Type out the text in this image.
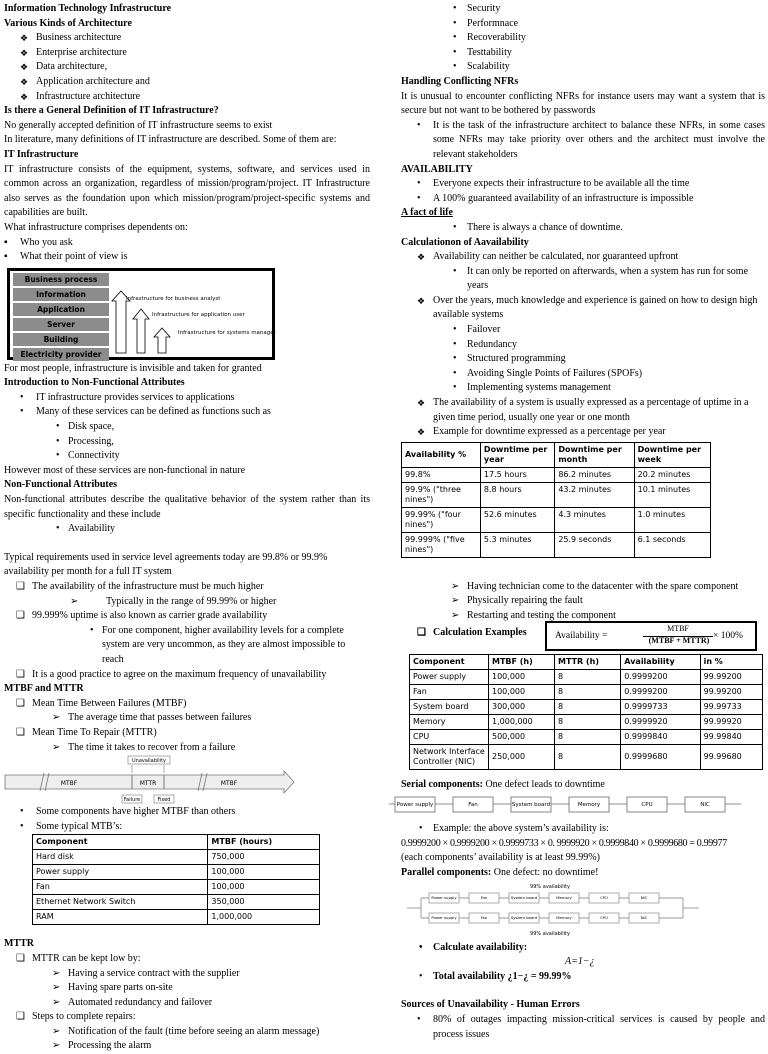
Information Technology Infrastructure
Various Kinds of Architecture
❖ Business architecture
❖ Enterprise architecture
❖ Data architecture,
❖ Application architecture and
❖ Infrastructure architecture
Is there a General Definition of IT Infrastructure?
No generally accepted definition of IT infrastructure seems to exist
In literature, many definitions of IT infrastructure are described. Some of them are:
IT Infrastructure
IT infrastructure consists of the equipment, systems, software, and services used in common across an organization, regardless of mission/program/project. IT Infrastructure also serves as the foundation upon which mission/program/project-specific systems and capabilities are built.
What infrastructure comprises dependents on:
▪ Who you ask
▪ What their point of view is
Business process
Information
Application
Server
Building
Electricity provider
Infrastructure for business analyst
Infrastructure for application user
Infrastructure for systems manager
For most people, infrastructure is invisible and taken for granted
Introduction to Non-Functional Attributes
• IT infrastructure provides services to applications
• Many of these services can be defined as functions such as
• Disk space,
• Processing,
• Connectivity
However most of these services are non-functional in nature
Non-Functional Attributes
Non-functional attributes describe the qualitative behavior of the system rather than its specific functionality and these include
• Availability
Typical requirements used in service level agreements today are 99.8% or 99.9% availability per month for a full IT system
❑ The availability of the infrastructure must be much higher
➢	Typically in the range of 99.99% or higher
❑ 99.999% uptime is also known as carrier grade availability
• For one component, higher availability levels for a complete system are very uncommon, as they are almost impossible to reach
❑ It is a good practice to agree on the maximum frequency of unavailability
MTBF and MTTR
❑ Mean Time Between Failures (MTBF)
➢ The average time that passes between failures
❑ Mean Time To Repair (MTTR)
➢ The time it takes to recover from a failure
Unavailability
MTBF	MTTR	MTBF
Failure	Fixed
• Some components have higher MTBF than others
• Some typical MTB’s:
Component	MTBF (hours)
Hard disk	750,000
Power supply	100,000
Fan	100,000
Ethernet Network Switch	350,000
RAM	1,000,000
MTTR
❑ MTTR can be kept low by:
➢ Having a service contract with the supplier
➢ Having spare parts on-site
➢ Automated redundancy and failover
❑ Steps to complete repairs:
➢ Notification of the fault (time before seeing an alarm message)
➢ Processing the alarm
• Security
• Performnace
• Recoverability
• Testtability
• Scalability
Handling Conflicting NFRs
It is unusual to encounter conflicting NFRs for instance users may want a system that is secure but not want to be bothered by passwords
• It is the task of the infrastructure architect to balance these NFRs, in some cases some NFRs may take priority over others and the architect must involve the relevant stakeholders
AVAILABILITY
• Everyone expects their infrastructure to be available all the time
• A 100% guaranteed availability of an infrastructure is impossible
A fact of life
• There is always a chance of downtime.
Calculationon of Aavailability
❖ Availability can neither be calculated, nor guaranteed upfront
• It can only be reported on afterwards, when a system has run for some years
❖ Over the years, much knowledge and experience is gained on how to design high available systems
• Failover
• Redundancy
• Structured programming
• Avoiding Single Points of Failures (SPOFs)
• Implementing systems management
❖ The availability of a system is usually expressed as a percentage of uptime in a given time period, usually one year or one month
❖ Example for downtime expressed as a percentage per year
Availability %	Downtime per year	Downtime per month	Downtime per week
99.8%	17.5 hours	86.2 minutes	20.2 minutes
99.9% ("three nines")	8.8 hours	43.2 minutes	10.1 minutes
99.99% ("four nines")	52.6 minutes	4.3 minutes	1.0 minutes
99.999% ("five nines")	5.3 minutes	25.9 seconds	6.1 seconds
➢ Having technician come to the datacenter with the spare component
➢ Physically repairing the fault
➢ Restarting and testing the component
❑ Calculation Examples	Availability =
MTBF
(MTBF + MTTR) × 100%
Component	MTBF (h)	MTTR (h)	Availability	in %
Power supply	100,000	8	0.9999200	99.99200
Fan	100,000	8	0.9999200	99.99200
System board	300,000	8	0.9999733	99.99733
Memory	1,000,000	8	0.9999920	99.99920
CPU	500,000	8	0.9999840	99.99840
Network Interface Controller (NIC)	250,000	8	0.9999680	99.99680
Serial components: One defect leads to downtime
Power supply	Fan	System board	Memory	CPU	NIC
• Example: the above system’s availability is:
0.9999200 × 0.9999200 × 0.9999733 × 0. 9999920 × 0.9999840 × 0.9999680 = 0.99977
(each components’ availability is at least 99.99%)
Parallel components: One defect: no downtime!
99% availability
99% availability
Power supply	Fan	System board	Memory	CPU	NIC
Power supply	Fan	System board	Memory	CPU	NIC
• Calculate availability:
A=1−¿
• Total availability ¿1−¿ = 99.99%
Sources of Unavailability - Human Errors
• 80% of outages impacting mission-critical services is caused by people and process issues
